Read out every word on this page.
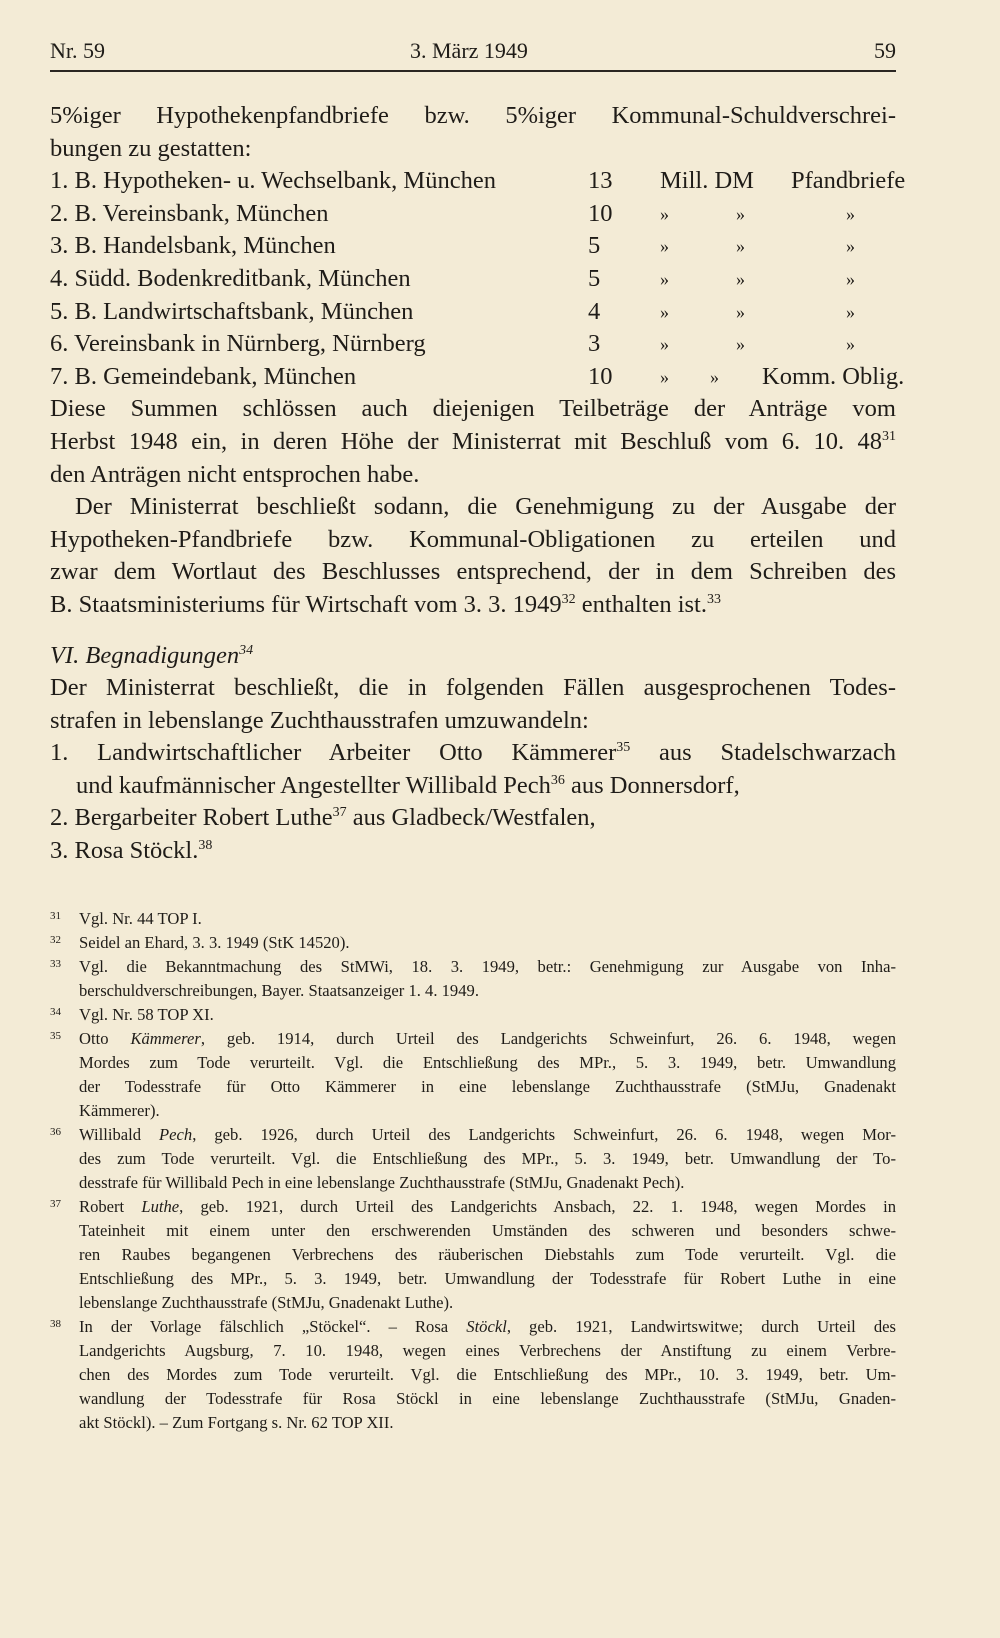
Nr. 59	3. März 1949	59
5%iger Hypothekenpfandbriefe bzw. 5%iger Kommunal-Schuldverschrei-
bungen zu gestatten:
1. B. Hypotheken- u. Wechselbank, München	13 Mill. DM Pfandbriefe
2. B. Vereinsbank, München	10	»	»	»
3. B. Handelsbank, München	5	»	»	»
4. Südd. Bodenkreditbank, München	5	»	»	»
5. B. Landwirtschaftsbank, München	4	»	»	»
6. Vereinsbank in Nürnberg, Nürnberg	3	»	»	»
7. B. Gemeindebank, München	10	» » Komm. Oblig.
Diese Summen schlössen auch diejenigen Teilbeträge der Anträge vom
Herbst 1948 ein, in deren Höhe der Ministerrat mit Beschluß vom 6. 10. $48^{31}$
den Anträgen nicht entsprochen habe.
Der Ministerrat beschließt sodann, die Genehmigung zu der Ausgabe der
Hypotheken-Pfandbriefe bzw. Kommunal-Obligationen zu erteilen und
zwar dem Wortlaut des Beschlusses entsprechend, der in dem Schreiben des
B. Staatsministeriums für Wirtschaft vom 3. 3. 1949$^{32}$ enthalten ist.$^{33}$
VI. Begnadigungen$^{34}$
Der Ministerrat beschließt, die in folgenden Fällen ausgesprochenen Todes-
strafen in lebenslange Zuchthausstrafen umzuwandeln:
1. Landwirtschaftlicher Arbeiter Otto Kämmerer$^{35}$ aus Stadelschwarzach
und kaufmännischer Angestellter Willibald Pech$^{36}$ aus Donnersdorf,
2. Bergarbeiter Robert Luthe$^{37}$ aus Gladbeck/Westfalen,
3. Rosa Stöckl.$^{38}$
31 Vgl. Nr. 44 TOP I.
32 Seidel an Ehard, 3. 3. 1949 (StK 14520).
33 Vgl. die Bekanntmachung des StMWi, 18. 3. 1949, betr.: Genehmigung zur Ausgabe von Inha-
berschuldverschreibungen, Bayer. Staatsanzeiger 1. 4. 1949.
34 Vgl. Nr. 58 TOP XI.
35 Otto Kämmerer, geb. 1914, durch Urteil des Landgerichts Schweinfurt, 26. 6. 1948, wegen
Mordes zum Tode verurteilt. Vgl. die Entschließung des MPr., 5. 3. 1949, betr. Umwandlung
der Todesstrafe für Otto Kämmerer in eine lebenslange Zuchthausstrafe (StMJu, Gnadenakt
Kämmerer).
36 Willibald Pech, geb. 1926, durch Urteil des Landgerichts Schweinfurt, 26. 6. 1948, wegen Mor-
des zum Tode verurteilt. Vgl. die Entschließung des MPr., 5. 3. 1949, betr. Umwandlung der To-
desstrafe für Willibald Pech in eine lebenslange Zuchthausstrafe (StMJu, Gnadenakt Pech).
37 Robert Luthe, geb. 1921, durch Urteil des Landgerichts Ansbach, 22. 1. 1948, wegen Mordes in
Tateinheit mit einem unter den erschwerenden Umständen des schweren und besonders schwe-
ren Raubes begangenen Verbrechens des räuberischen Diebstahls zum Tode verurteilt. Vgl. die
Entschließung des MPr., 5. 3. 1949, betr. Umwandlung der Todesstrafe für Robert Luthe in eine
lebenslange Zuchthausstrafe (StMJu, Gnadenakt Luthe).
38 In der Vorlage fälschlich „Stöckel“. – Rosa Stöckl, geb. 1921, Landwirtswitwe; durch Urteil des
Landgerichts Augsburg, 7. 10. 1948, wegen eines Verbrechens der Anstiftung zu einem Verbre-
chen des Mordes zum Tode verurteilt. Vgl. die Entschließung des MPr., 10. 3. 1949, betr. Um-
wandlung der Todesstrafe für Rosa Stöckl in eine lebenslange Zuchthausstrafe (StMJu, Gnaden-
akt Stöckl). – Zum Fortgang s. Nr. 62 TOP XII.
